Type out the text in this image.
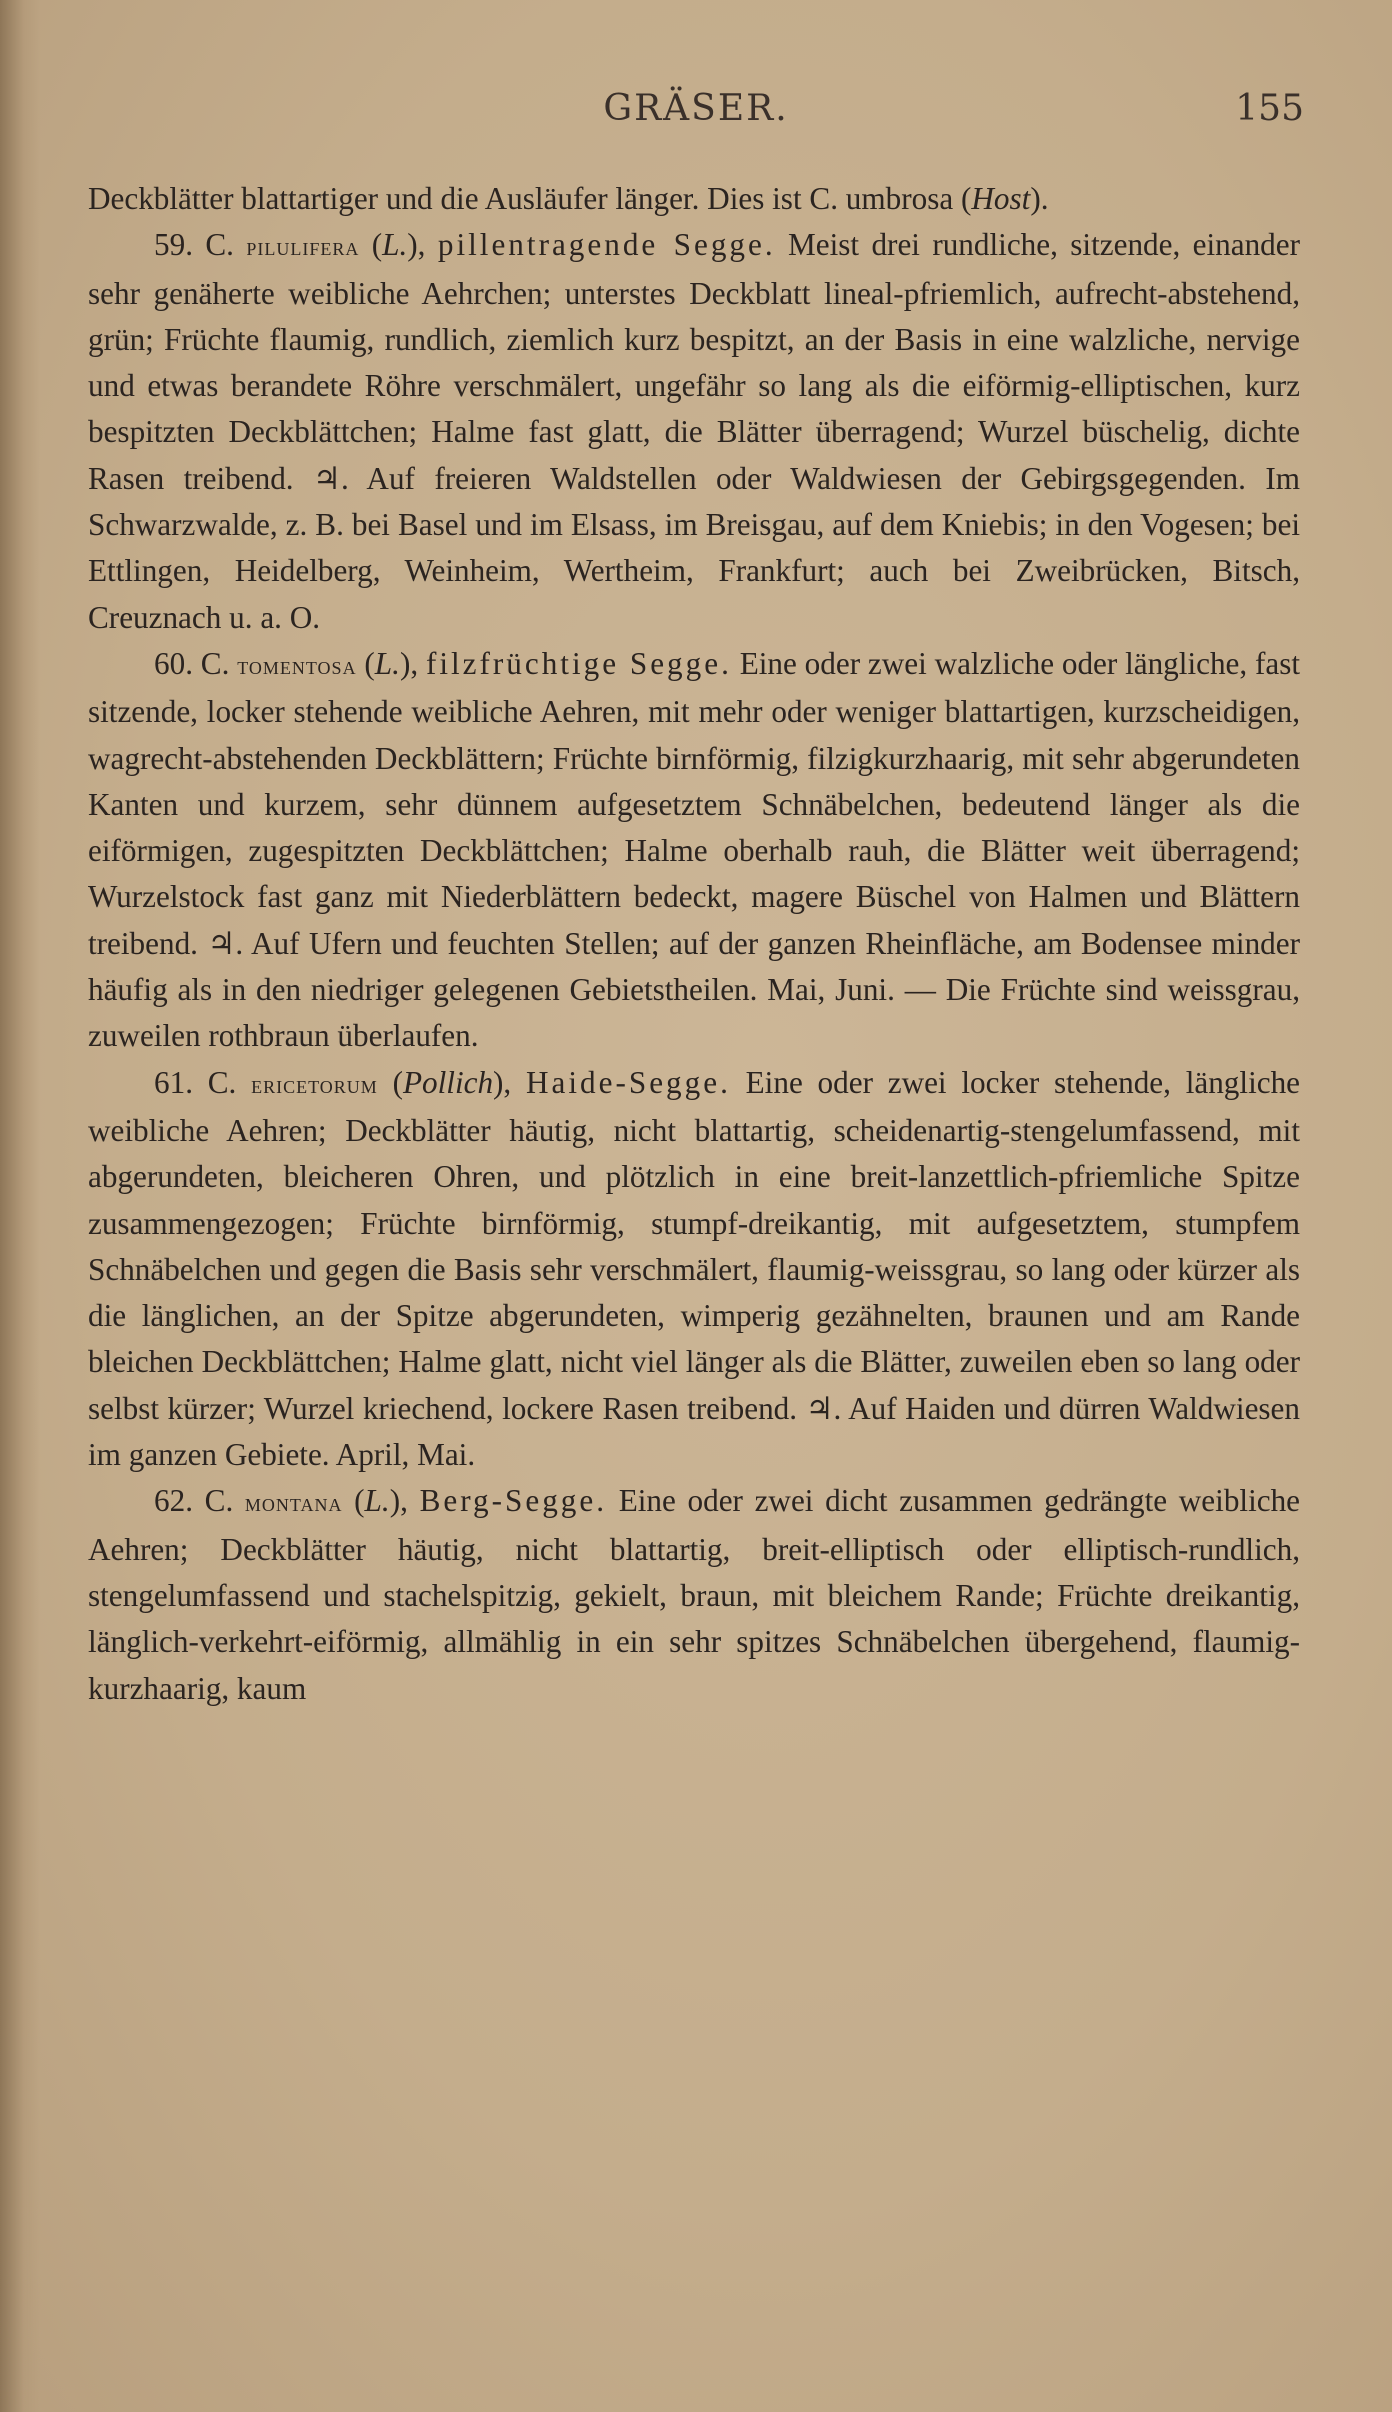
GRÄSER.	155

Deckblätter blattartiger und die Ausläufer länger. Dies ist C. umbrosa (Host).

59. C. pilulifera (L.), pillentragende Segge. Meist drei rundliche, sitzende, einander sehr genäherte weibliche Aehrchen; unterstes Deckblatt lineal-pfriemlich, aufrecht-abstehend, grün; Früchte flaumig, rundlich, ziemlich kurz bespitzt, an der Basis in eine walzliche, nervige und etwas berandete Röhre verschmälert, ungefähr so lang als die eiförmig-elliptischen, kurz bespitzten Deckblättchen; Halme fast glatt, die Blätter überragend; Wurzel büschelig, dichte Rasen treibend. ♃. Auf freieren Waldstellen oder Waldwiesen der Gebirgsgegenden. Im Schwarzwalde, z. B. bei Basel und im Elsass, im Breisgau, auf dem Kniebis; in den Vogesen; bei Ettlingen, Heidelberg, Weinheim, Wertheim, Frankfurt; auch bei Zweibrücken, Bitsch, Creuznach u. a. O.

60. C. tomentosa (L.), filzfrüchtige Segge. Eine oder zwei walzliche oder längliche, fast sitzende, locker stehende weibliche Aehren, mit mehr oder weniger blattartigen, kurzscheidigen, wagrecht-abstehenden Deckblättern; Früchte birnförmig, filzigkurzhaarig, mit sehr abgerundeten Kanten und kurzem, sehr dünnem aufgesetztem Schnäbelchen, bedeutend länger als die eiförmigen, zugespitzten Deckblättchen; Halme oberhalb rauh, die Blätter weit überragend; Wurzelstock fast ganz mit Niederblättern bedeckt, magere Büschel von Halmen und Blättern treibend. ♃. Auf Ufern und feuchten Stellen; auf der ganzen Rheinfläche, am Bodensee minder häufig als in den niedriger gelegenen Gebietstheilen. Mai, Juni. — Die Früchte sind weissgrau, zuweilen rothbraun überlaufen.

61. C. ericetorum (Pollich), Haide-Segge. Eine oder zwei locker stehende, längliche weibliche Aehren; Deckblätter häutig, nicht blattartig, scheidenartig-stengelumfassend, mit abgerundeten, bleicheren Ohren, und plötzlich in eine breit-lanzettlich-pfriemliche Spitze zusammengezogen; Früchte birnförmig, stumpf-dreikantig, mit aufgesetztem, stumpfem Schnäbelchen und gegen die Basis sehr verschmälert, flaumig-weissgrau, so lang oder kürzer als die länglichen, an der Spitze abgerundeten, wimperig gezähnelten, braunen und am Rande bleichen Deckblättchen; Halme glatt, nicht viel länger als die Blätter, zuweilen eben so lang oder selbst kürzer; Wurzel kriechend, lockere Rasen treibend. ♃. Auf Haiden und dürren Waldwiesen im ganzen Gebiete. April, Mai.

62. C. montana (L.), Berg-Segge. Eine oder zwei dicht zusammen gedrängte weibliche Aehren; Deckblätter häutig, nicht blattartig, breit-elliptisch oder elliptisch-rundlich, stengelumfassend und stachelspitzig, gekielt, braun, mit bleichem Rande; Früchte dreikantig, länglich-verkehrt-eiförmig, allmählig in ein sehr spitzes Schnäbelchen übergehend, flaumig-kurzhaarig, kaum
